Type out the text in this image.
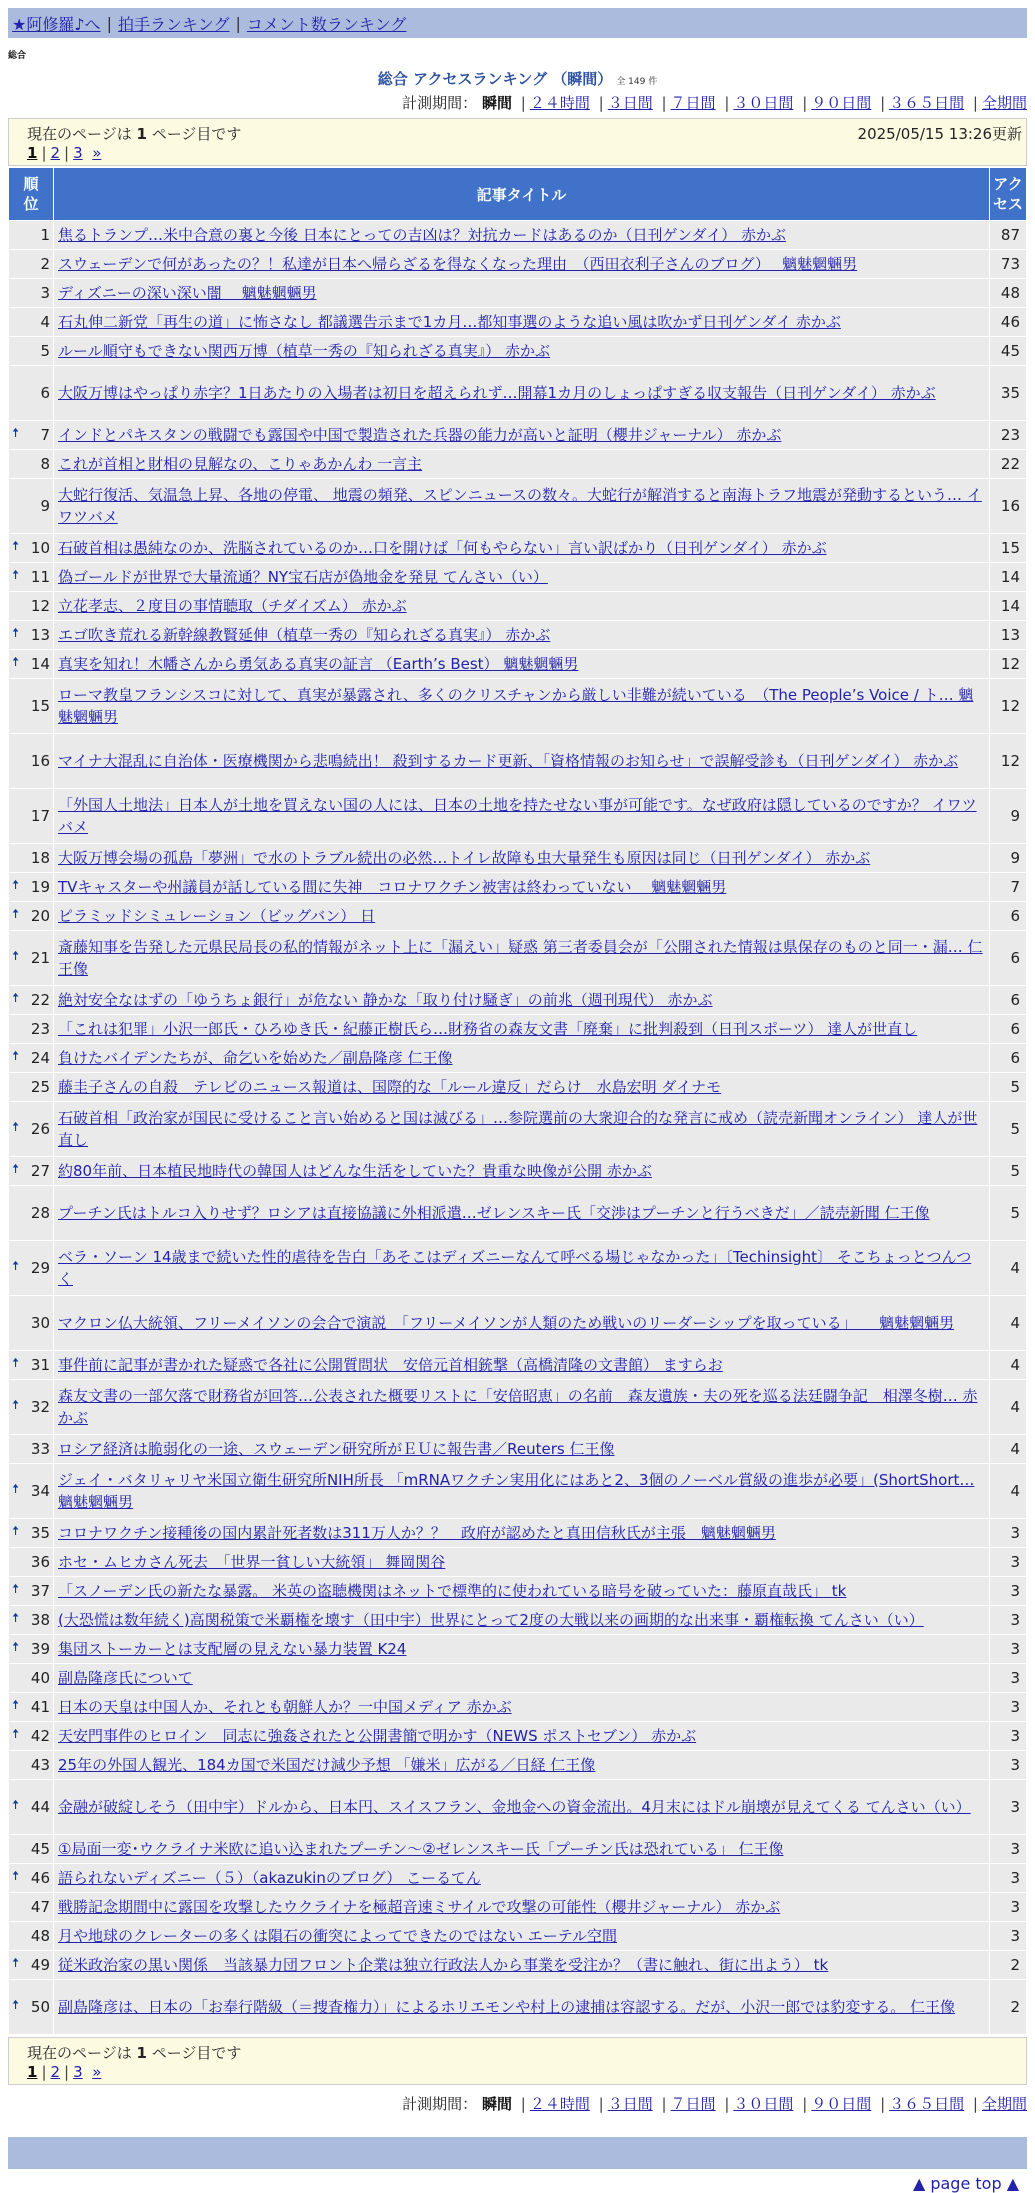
★阿修羅♪へ | 拍手ランキング | コメント数ランキング
総合
総合 アクセスランキング （瞬間） 全 149 件
計測期間： 瞬間 | ２４時間 | ３日間 | ７日間 | ３０日間 | ９０日間 | ３６５日間 | 全期間
現在のページは 1 ページ目です	2025/05/15 13:26更新
1 | 2 | 3 »
順位	記事タイトル	アクセス
1	焦るトランプ…米中合意の裏と今後 日本にとっての吉凶は？対抗カードはあるのか（日刊ゲンダイ） 赤かぶ	87
2	スウェーデンで何があったの？！私達が日本へ帰らざるを得なくなった理由　（西田衣利子さんのブログ）　 魑魅魍魎男	73
3	ディズニーの深い深い闇　 魑魅魍魎男	48
4	石丸伸二新党「再生の道」に怖さなし 都議選告示まで1カ月…都知事選のような追い風は吹かず日刊ゲンダイ 赤かぶ	46
5	ルール順守もできない関西万博（植草一秀の『知られざる真実』） 赤かぶ	45
6	大阪万博はやっぱり赤字？1日あたりの入場者は初日を超えられず…開幕1カ月のしょっぱすぎる収支報告（日刊ゲンダイ） 赤かぶ	35

🠅 7	インドとパキスタンの戦闘でも露国や中国で製造された兵器の能力が高いと証明（櫻井ジャーナル） 赤かぶ	23
8	これが首相と財相の見解なの、こりゃあかんわ 一言主	22
9	大蛇行復活、気温急上昇、各地の停電、 地震の頻発、スピンニュースの数々。大蛇行が解消すると南海トラフ地震が発動するという… イワツバメ	16

🠅 10	石破首相は愚純なのか、洗脳されているのか…口を開けば「何もやらない」言い訳ばかり（日刊ゲンダイ） 赤かぶ	15

🠅 11	偽ゴールドが世界で大量流通？NY宝石店が偽地金を発見 てんさい（い）	14
12	立花孝志、２度目の事情聴取（チダイズム） 赤かぶ	14

🠅 13	エゴ吹き荒れる新幹線教賢延伸（植草一秀の『知られざる真実』） 赤かぶ	13

🠅 14	真実を知れ！木幡さんから勇気ある真実の証言 （Earth’s Best） 魑魅魍魎男	12
15	ローマ教皇フランシスコに対して、真実が暴露され、多くのクリスチャンから厳しい非難が続いている　（The People’s Voice / ト… 魑魅魍魎男	12
16	マイナ大混乱に自治体・医療機関から悲鳴続出！ 殺到するカード更新、「資格情報のお知らせ」で誤解受診も（日刊ゲンダイ） 赤かぶ	12
17	「外国人土地法」日本人が土地を買えない国の人には、日本の土地を持たせない事が可能です。なぜ政府は隠しているのですか？ イワツバメ	9
18	大阪万博会場の孤島「夢洲」で水のトラブル続出の必然…トイレ故障も虫大量発生も原因は同じ（日刊ゲンダイ） 赤かぶ	9

🠅 19	TVキャスターや州議員が話している間に失神　コロナワクチン被害は終わっていない　 魑魅魍魎男	7

🠅 20	ピラミッドシミュレーション（ビッグバン） 日	6

🠅 21	斎藤知事を告発した元県民局長の私的情報がネット上に「漏えい」疑惑 第三者委員会が「公開された情報は県保存のものと同一・漏… 仁王像	6

🠅 22	絶対安全なはずの「ゆうちょ銀行」が危ない 静かな「取り付け騒ぎ」の前兆（週刊現代） 赤かぶ	6
23	「これは犯罪」小沢一郎氏・ひろゆき氏・紀藤正樹氏ら…財務省の森友文書「廃棄」に批判殺到（日刊スポーツ） 達人が世直し	6

🠅 24	負けたバイデンたちが、命乞いを始めた／副島隆彦 仁王像	6
25	藤圭子さんの自殺　テレビのニュース報道は、国際的な「ルール違反」だらけ　水島宏明 ダイナモ	5

🠅 26	石破首相「政治家が国民に受けること言い始めると国は滅びる」…参院選前の大衆迎合的な発言に戒め（読売新聞オンライン） 達人が世直し	5

🠅 27	約80年前、日本植民地時代の韓国人はどんな生活をしていた？貴重な映像が公開 赤かぶ	5
28	プーチン氏はトルコ入りせず？ロシアは直接協議に外相派遣…ゼレンスキー氏「交渉はプーチンと行うべきだ」／読売新聞 仁王像	5

🠅 29	ベラ・ソーン 14歳まで続いた性的虐待を告白「あそこはディズニーなんて呼べる場じゃなかった」〔Techinsight〕 そこちょっとつんつく	4
30	マクロン仏大統領、フリーメイソンの会合で演説　「フリーメイソンが人類のため戦いのリーダーシップを取っている」　　魑魅魍魎男	4

🠅 31	事件前に記事が書かれた疑惑で各社に公開質問状　安倍元首相銃撃（高橋清隆の文書館） ますらお	4

🠅 32	森友文書の一部欠落で財務省が回答…公表された概要リストに「安倍昭恵」の名前　森友遺族・夫の死を巡る法廷闘争記　相澤冬樹… 赤かぶ	4
33	ロシア経済は脆弱化の一途、スウェーデン研究所がＥＵに報告書／Reuters 仁王像	4

🠅 34	ジェイ・バタリャリヤ米国立衛生研究所NIH所長 「mRNAワクチン実用化にはあと2、3個のノーベル賞級の進歩が必要」(ShortShort… 魑魅魍魎男	4

🠅 35	コロナワクチン接種後の国内累計死者数は311万人か？？　政府が認めたと真田信秋氏が主張　魑魅魍魎男	3
36	ホセ・ムヒカさん死去　「世界一貧しい大統領」 舞岡関谷	3

🠅 37	「スノーデン氏の新たな暴露。 米英の盗聴機関はネットで標準的に使われている暗号を破っていた：藤原直哉氏」 tk	3

🠅 38	(大恐慌は数年続く)高関税策で米覇権を壊す（田中宇）世界にとって2度の大戦以来の画期的な出来事・覇権転換 てんさい（い）	3

🠅 39	集団ストーカーとは支配層の見えない暴力装置 K24	3
40	副島隆彦氏について	3

🠅 41	日本の天皇は中国人か、それとも朝鮮人か？一中国メディア 赤かぶ	3

🠅 42	天安門事件のヒロイン　同志に強姦されたと公開書簡で明かす（NEWS ポストセブン） 赤かぶ	3
43	25年の外国人観光、184カ国で米国だけ減少予想 「嫌米」広がる／日経 仁王像	3

🠅 44	金融が破綻しそう（田中宇）ドルから、日本円、スイスフラン、金地金への資金流出。4月末にはドル崩壊が見えてくる てんさい（い）	3
45	①局面一変･ウクライナ米欧に追い込まれたプーチン～②ゼレンスキー氏「プーチン氏は恐れている」 仁王像	3

🠅 46	語られないディズニー（５）（akazukinのブログ） こーるてん	3
47	戦勝記念期間中に露国を攻撃したウクライナを極超音速ミサイルで攻撃の可能性（櫻井ジャーナル） 赤かぶ	3
48	月や地球のクレーターの多くは隕石の衝突によってできたのではない エーテル空間	3

🠅 49	従米政治家の黒い関係　当該暴力団フロント企業は独立行政法人から事業を受注か？（書に触れ、街に出よう） tk	2

🠅 50	副島隆彦は、日本の「お奉行階級（＝捜査権力）」によるホリエモンや村上の逮捕は容認する。だが、小沢一郎では豹変する。 仁王像	2
現在のページは 1 ページ目です
1 | 2 | 3 »
計測期間： 瞬間 | ２４時間 | ３日間 | ７日間 | ３０日間 | ９０日間 | ３６５日間 | 全期間
▲ page top ▲
